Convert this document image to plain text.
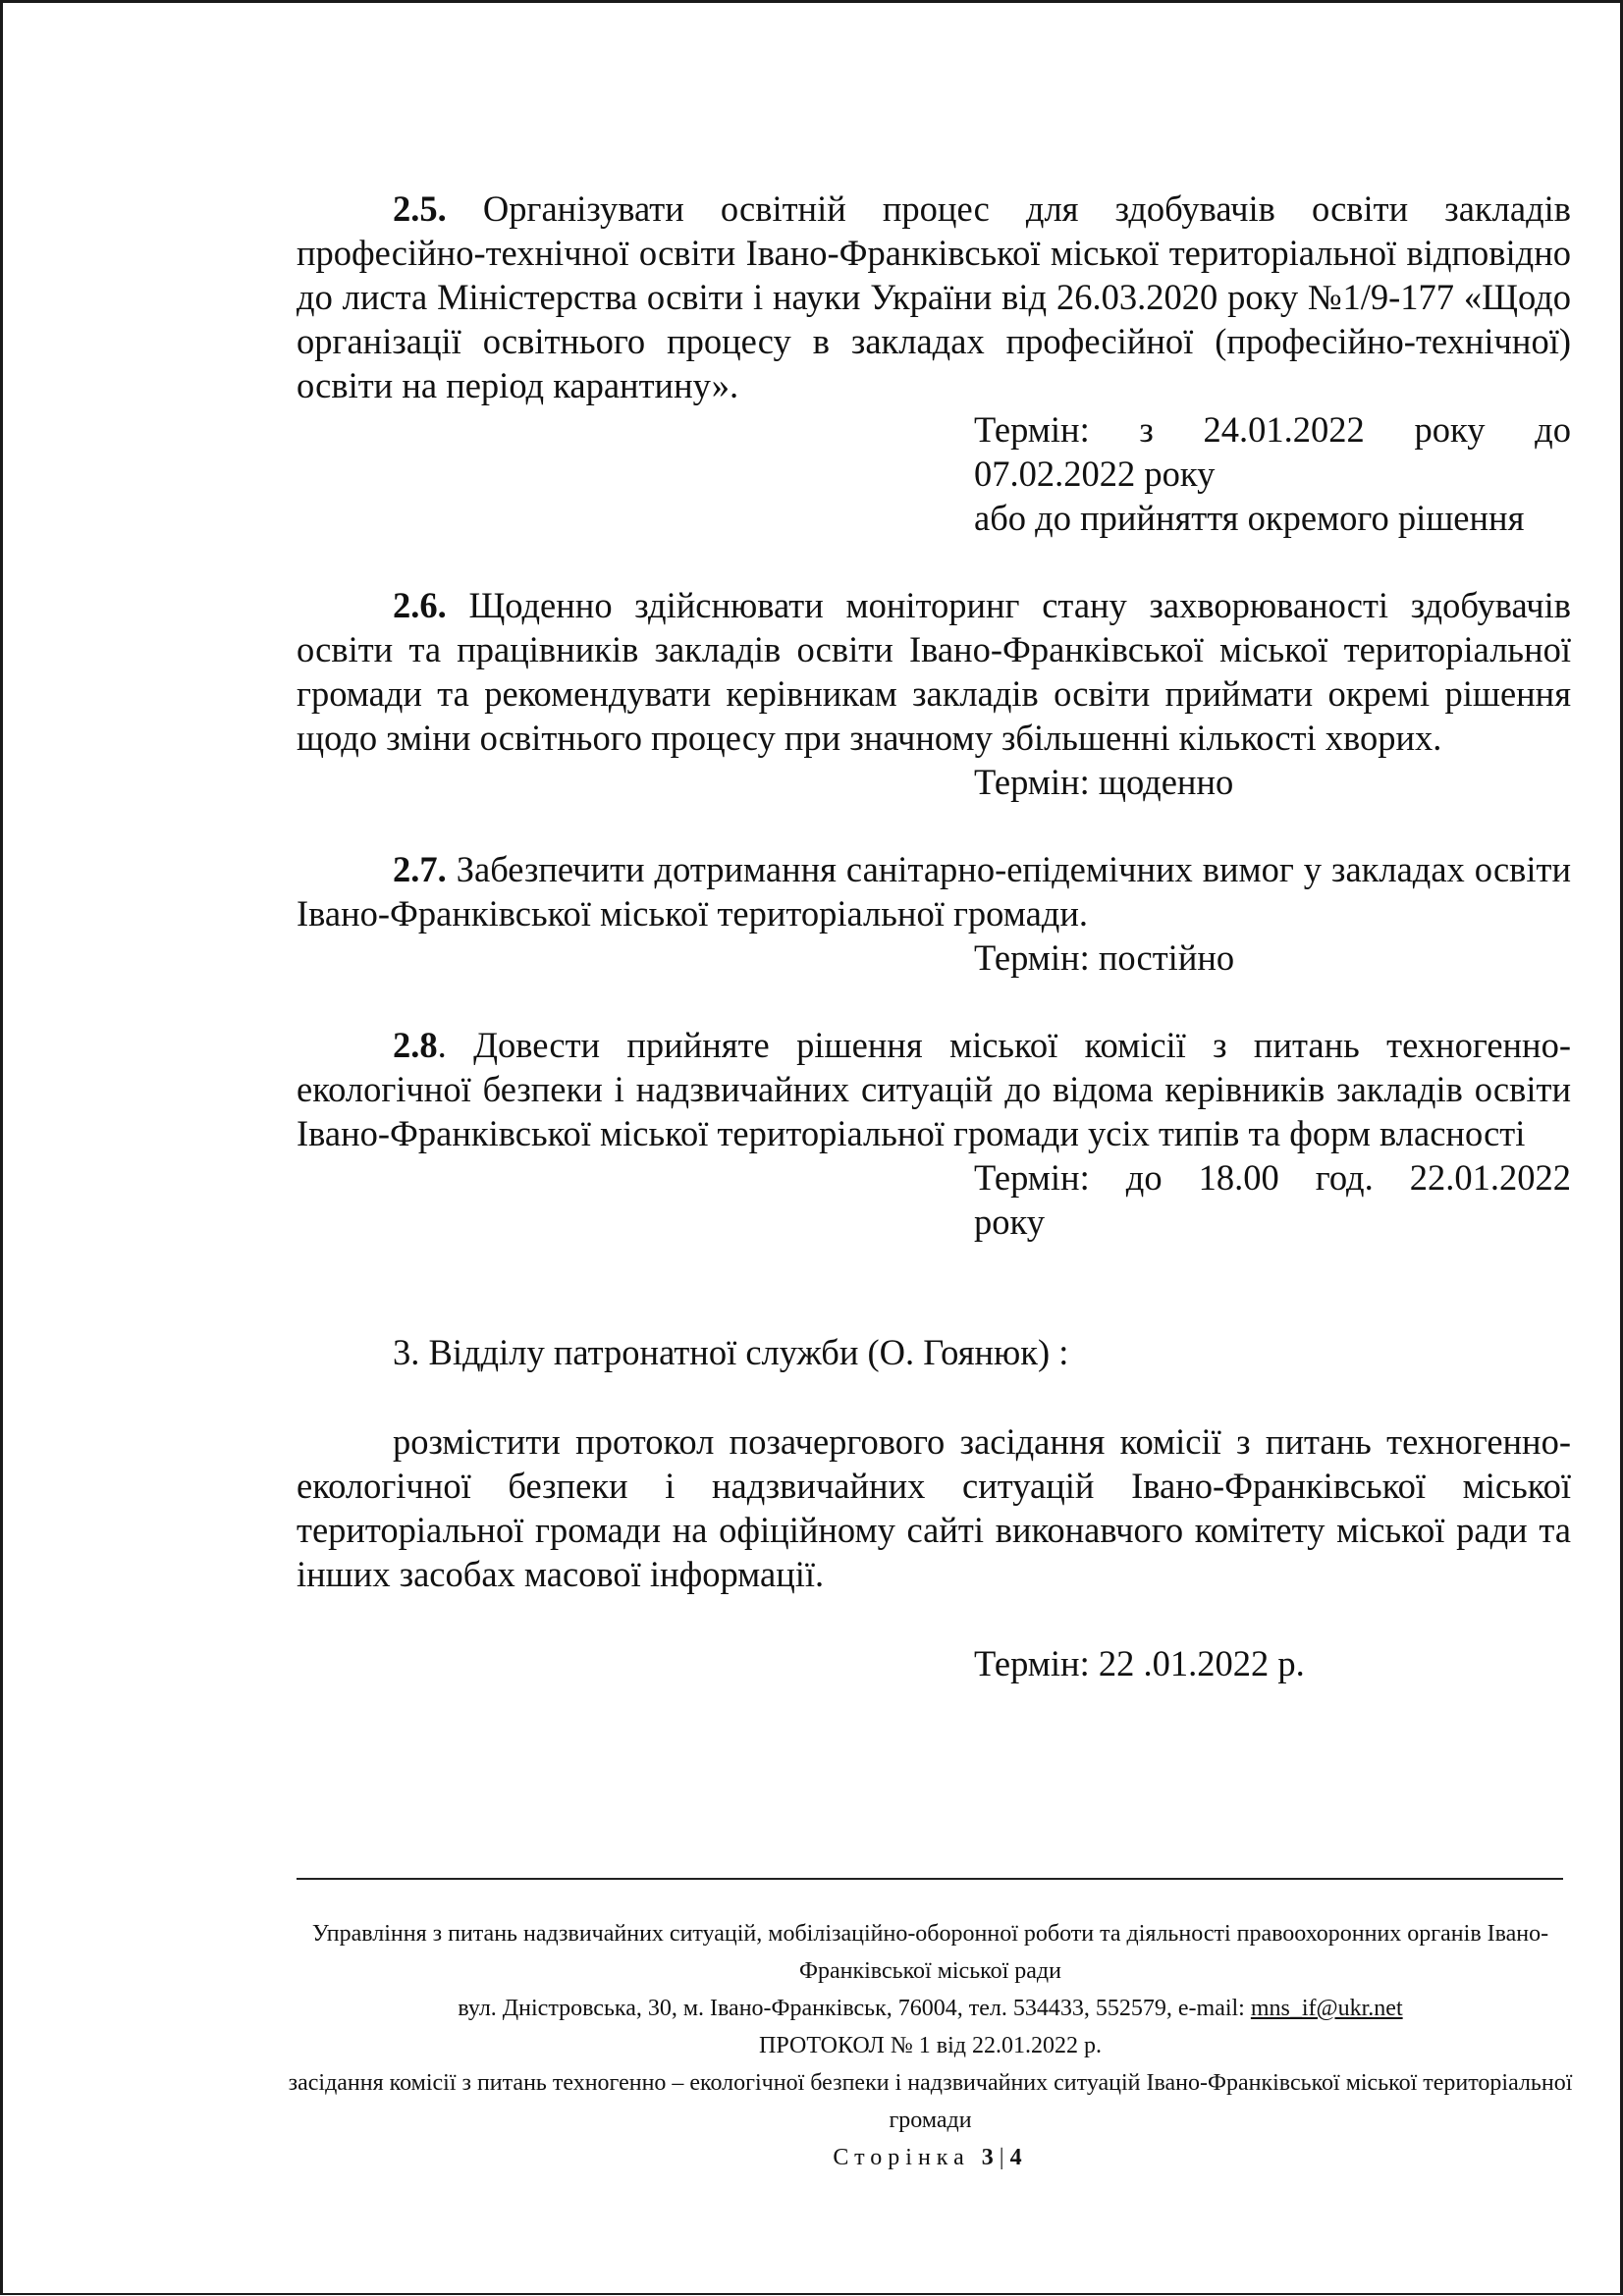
2.5. Організувати освітній процес для здобувачів освіти закладів професійно-технічної освіти Івано-Франківської міської територіальної відповідно до листа Міністерства освіти і науки України від 26.03.2020 року №1/9-177 «Щодо організації освітнього процесу в закладах професійної (професійно-технічної) освіти на період карантину».

Термін: з 24.01.2022 року до
07.02.2022 року
або до прийняття окремого рішення

2.6. Щоденно здійснювати моніторинг стану захворюваності здобувачів освіти та працівників закладів освіти Івано-Франківської міської територіальної громади та рекомендувати керівникам закладів освіти приймати окремі рішення щодо зміни освітнього процесу при значному збільшенні кількості хворих.

Термін: щоденно

2.7. Забезпечити дотримання санітарно-епідемічних вимог у закладах освіти Івано-Франківської міської територіальної громади.

Термін: постійно

2.8. Довести прийняте рішення міської комісії з питань техногенно-екологічної безпеки і надзвичайних ситуацій до відома керівників закладів освіти Івано-Франківської міської територіальної громади усіх типів та форм власності

Термін: до 18.00 год. 22.01.2022
року

3. Відділу патронатної служби (О. Гоянюк) :

розмістити протокол позачергового засідання комісії з питань техногенно-екологічної безпеки і надзвичайних ситуацій Івано-Франківської міської територіальної громади на офіційному сайті виконавчого комітету міської ради та інших засобах масової інформації.

Термін: 22 .01.2022 р.

Управління з питань надзвичайних ситуацій, мобілізаційно-оборонної роботи та діяльності правоохоронних органів Івано-Франківської міської ради

вул. Дністровська, 30, м. Івано-Франківськ, 76004, тел. 534433, 552579, e-mail: mns_if@ukr.net

ПРОТОКОЛ № 1 від 22.01.2022 р.

засідання комісії з питань техногенно – екологічної безпеки і надзвичайних ситуацій Івано-Франківської міської територіальної громади

Сторінка 3|4
